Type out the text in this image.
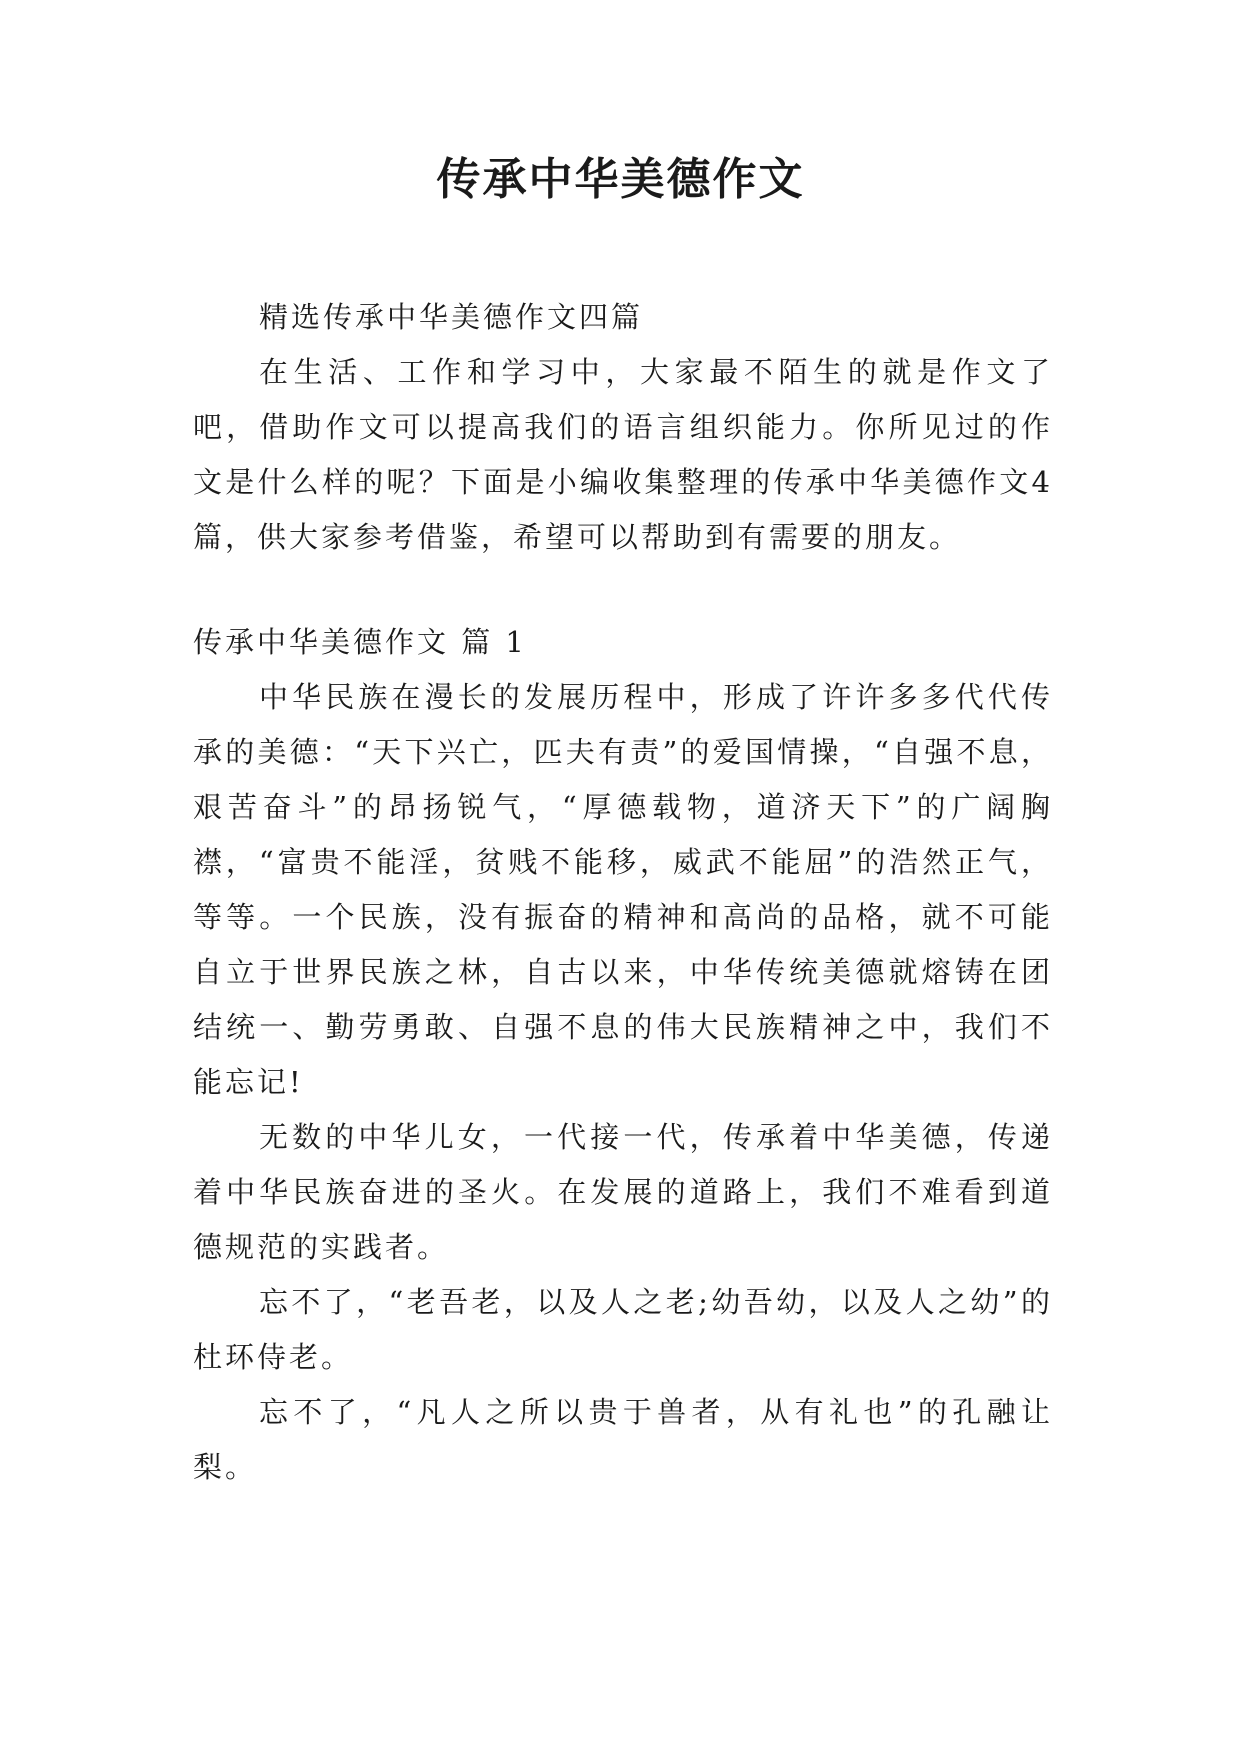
传承中华美德作文

精选传承中华美德作文四篇

在生活、工作和学习中，大家最不陌生的就是作文了吧，借助作文可以提高我们的语言组织能力。你所见过的作文是什么样的呢？下面是小编收集整理的传承中华美德作文4篇，供大家参考借鉴，希望可以帮助到有需要的朋友。

传承中华美德作文 篇 1

中华民族在漫长的发展历程中，形成了许许多多代代传承的美德：“天下兴亡，匹夫有责”的爱国情操，“自强不息，艰苦奋斗”的昂扬锐气，“厚德载物，道济天下”的广阔胸襟，“富贵不能淫，贫贱不能移，威武不能屈”的浩然正气，等等。一个民族，没有振奋的精神和高尚的品格，就不可能自立于世界民族之林，自古以来，中华传统美德就熔铸在团结统一、勤劳勇敢、自强不息的伟大民族精神之中，我们不能忘记!

无数的中华儿女，一代接一代，传承着中华美德，传递着中华民族奋进的圣火。在发展的道路上，我们不难看到道德规范的实践者。

忘不了，“老吾老，以及人之老;幼吾幼，以及人之幼”的杜环侍老。

忘不了，“凡人之所以贵于兽者，从有礼也”的孔融让梨。
